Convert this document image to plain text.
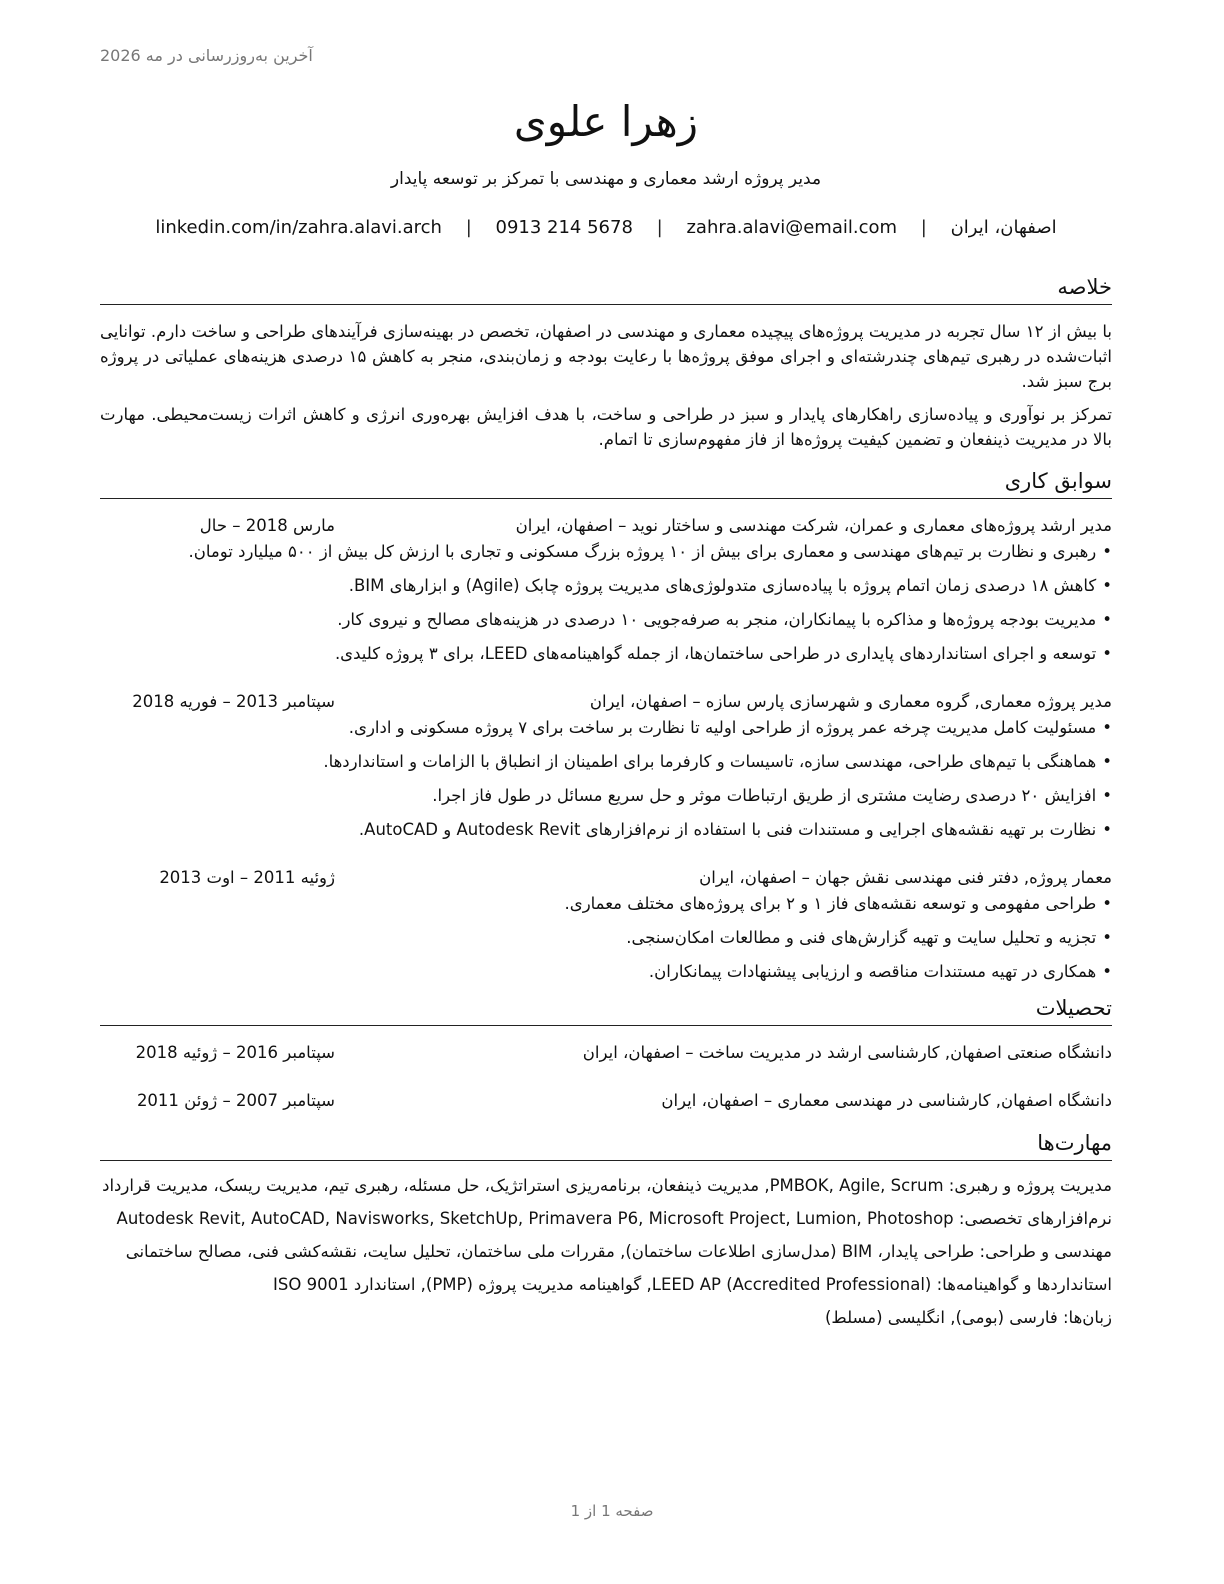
آخرین به‌روزرسانی در مه 2026
زهرا علوی
مدیر پروژه ارشد معماری و مهندسی با تمرکز بر توسعه پایدار
اصفهان، ایران | zahra.alavi@email.com | 0913 214 5678 | linkedin.com/in/zahra.alavi.arch
خلاصه

با بیش از ۱۲ سال تجربه در مدیریت پروژه‌های پیچیده معماری و مهندسی در اصفهان، تخصص در بهینه‌سازی فرآیندهای طراحی و ساخت دارم. توانایی اثبات‌شده در رهبری تیم‌های چندرشته‌ای و اجرای موفق پروژه‌ها با رعایت بودجه و زمان‌بندی، منجر به کاهش ۱۵ درصدی هزینه‌های عملیاتی در پروژه برج سبز شد.

تمرکز بر نوآوری و پیاده‌سازی راهکارهای پایدار و سبز در طراحی و ساخت، با هدف افزایش بهره‌وری انرژی و کاهش اثرات زیست‌محیطی. مهارت بالا در مدیریت ذینفعان و تضمین کیفیت پروژه‌ها از فاز مفهوم‌سازی تا اتمام.

سوابق کاری
مدیر ارشد پروژه‌های معماری و عمران، شرکت مهندسی و ساختار نوید – اصفهان، ایران
مارس 2018 – حال
• رهبری و نظارت بر تیم‌های مهندسی و معماری برای بیش از ۱۰ پروژه بزرگ مسکونی و تجاری با ارزش کل بیش از ۵۰۰ میلیارد تومان.
• کاهش ۱۸ درصدی زمان اتمام پروژه با پیاده‌سازی متدولوژی‌های مدیریت پروژه چابک (Agile) و ابزارهای BIM.
• مدیریت بودجه پروژه‌ها و مذاکره با پیمانکاران، منجر به صرفه‌جویی ۱۰ درصدی در هزینه‌های مصالح و نیروی کار.
• توسعه و اجرای استانداردهای پایداری در طراحی ساختمان‌ها، از جمله گواهینامه‌های LEED، برای ۳ پروژه کلیدی.
مدیر پروژه معماری, گروه معماری و شهرسازی پارس سازه – اصفهان، ایران
سپتامبر 2013 – فوریه 2018
• مسئولیت کامل مدیریت چرخه عمر پروژه از طراحی اولیه تا نظارت بر ساخت برای ۷ پروژه مسکونی و اداری.
• هماهنگی با تیم‌های طراحی، مهندسی سازه، تاسیسات و کارفرما برای اطمینان از انطباق با الزامات و استانداردها.
• افزایش ۲۰ درصدی رضایت مشتری از طریق ارتباطات موثر و حل سریع مسائل در طول فاز اجرا.
• نظارت بر تهیه نقشه‌های اجرایی و مستندات فنی با استفاده از نرم‌افزارهای Autodesk Revit و AutoCAD.
معمار پروژه, دفتر فنی مهندسی نقش جهان – اصفهان، ایران
ژوئیه 2011 – اوت 2013
• طراحی مفهومی و توسعه نقشه‌های فاز ۱ و ۲ برای پروژه‌های مختلف معماری.
• تجزیه و تحلیل سایت و تهیه گزارش‌های فنی و مطالعات امکان‌سنجی.
• همکاری در تهیه مستندات مناقصه و ارزیابی پیشنهادات پیمانکاران.
تحصیلات
دانشگاه صنعتی اصفهان, کارشناسی ارشد در مدیریت ساخت – اصفهان، ایران
سپتامبر 2016 – ژوئیه 2018
دانشگاه اصفهان, کارشناسی در مهندسی معماری – اصفهان، ایران
سپتامبر 2007 – ژوئن 2011
مهارت‌ها

مدیریت پروژه و رهبری: PMBOK, Agile, Scrum, مدیریت ذینفعان، برنامه‌ریزی استراتژیک، حل مسئله، رهبری تیم، مدیریت ریسک، مدیریت قرارداد

نرم‌افزارهای تخصصی: Autodesk Revit, AutoCAD, Navisworks, SketchUp, Primavera P6, Microsoft Project, Lumion, Photoshop

مهندسی و طراحی: طراحی پایدار، BIM (مدل‌سازی اطلاعات ساختمان), مقررات ملی ساختمان، تحلیل سایت، نقشه‌کشی فنی، مصالح ساختمانی

استانداردها و گواهینامه‌ها: LEED AP (Accredited Professional), گواهینامه مدیریت پروژه (PMP), استاندارد ISO 9001

زبان‌ها: فارسی (بومی), انگلیسی (مسلط)

صفحه 1 از 1
